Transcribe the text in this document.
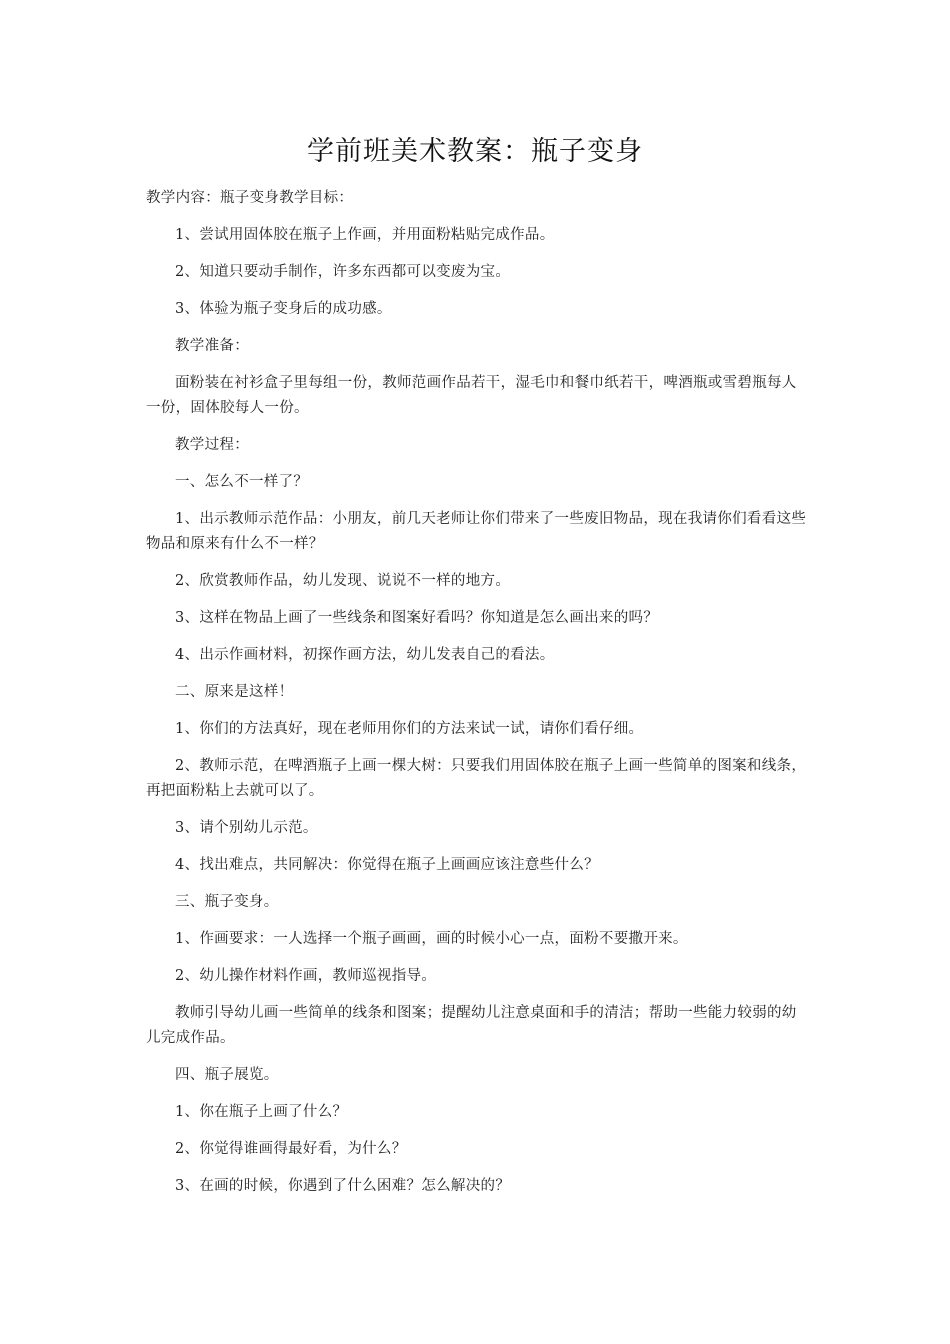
学前班美术教案：瓶子变身

教学内容：瓶子变身教学目标：

1、尝试用固体胶在瓶子上作画，并用面粉粘贴完成作品。

2、知道只要动手制作，许多东西都可以变废为宝。

3、体验为瓶子变身后的成功感。

教学准备：

面粉装在衬衫盒子里每组一份，教师范画作品若干，湿毛巾和餐巾纸若干，啤酒瓶或雪碧瓶每人一份，固体胶每人一份。

教学过程：

一、怎么不一样了？

1、出示教师示范作品：小朋友，前几天老师让你们带来了一些废旧物品，现在我请你们看看这些物品和原来有什么不一样？

2、欣赏教师作品，幼儿发现、说说不一样的地方。

3、这样在物品上画了一些线条和图案好看吗？你知道是怎么画出来的吗？

4、出示作画材料，初探作画方法，幼儿发表自己的看法。

二、原来是这样！

1、你们的方法真好，现在老师用你们的方法来试一试，请你们看仔细。

2、教师示范，在啤酒瓶子上画一棵大树：只要我们用固体胶在瓶子上画一些简单的图案和线条，再把面粉粘上去就可以了。

3、请个别幼儿示范。

4、找出难点，共同解决：你觉得在瓶子上画画应该注意些什么？

三、瓶子变身。

1、作画要求：一人选择一个瓶子画画，画的时候小心一点，面粉不要撒开来。

2、幼儿操作材料作画，教师巡视指导。

教师引导幼儿画一些简单的线条和图案；提醒幼儿注意桌面和手的清洁；帮助一些能力较弱的幼儿完成作品。

四、瓶子展览。

1、你在瓶子上画了什么？

2、你觉得谁画得最好看，为什么？

3、在画的时候，你遇到了什么困难？怎么解决的？
